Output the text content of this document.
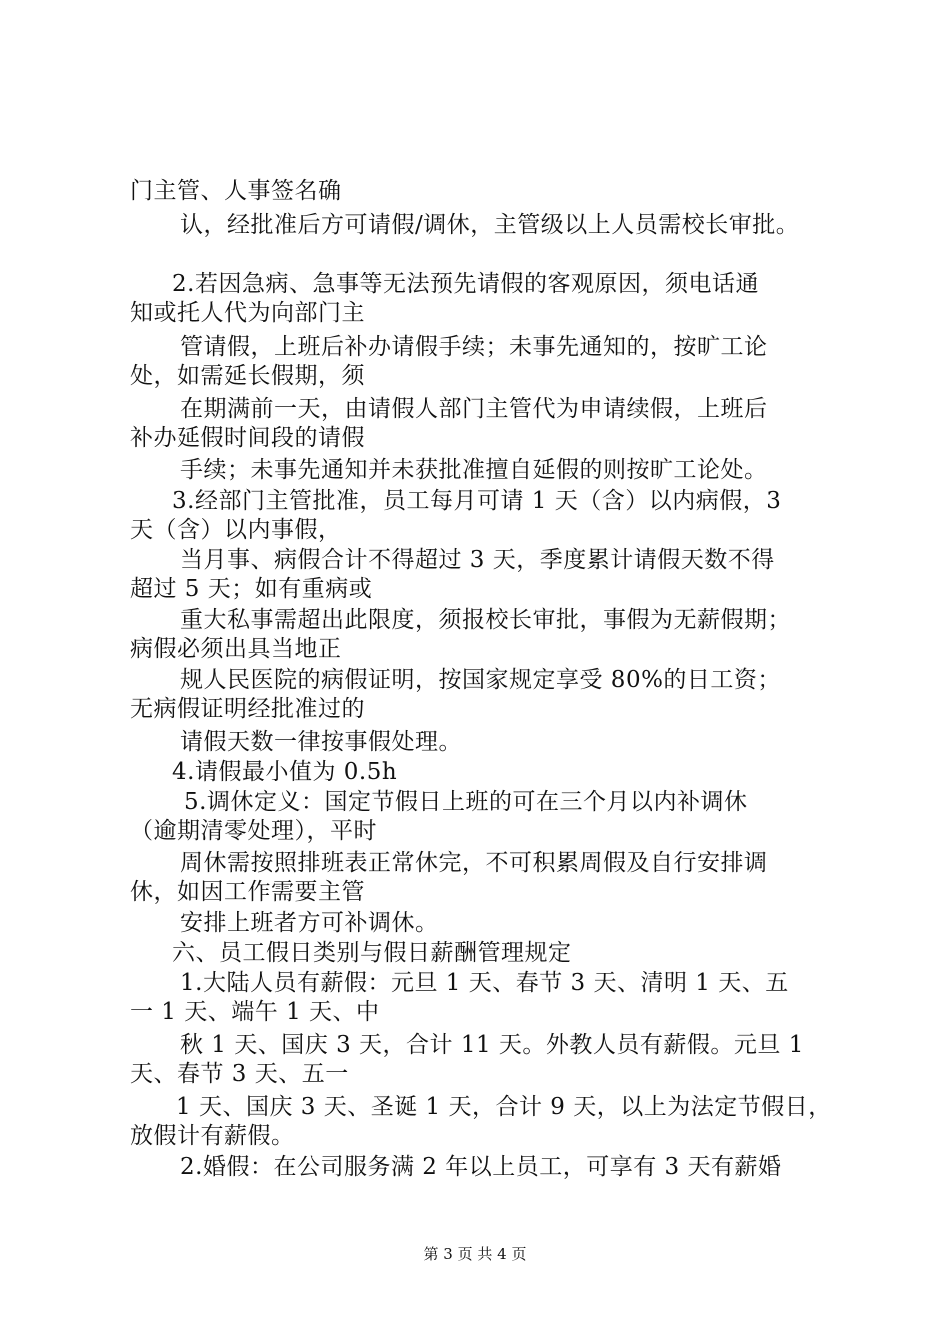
门主管、人事签名确
认，经批准后方可请假/调休，主管级以上人员需校长审批。
2.若因急病、急事等无法预先请假的客观原因，须电话通
知或托人代为向部门主
管请假，上班后补办请假手续；未事先通知的，按旷工论
处，如需延长假期，须
在期满前一天，由请假人部门主管代为申请续假，上班后
补办延假时间段的请假
手续；未事先通知并未获批准擅自延假的则按旷工论处。
3.经部门主管批准，员工每月可请 1 天（含）以内病假，3
天（含）以内事假，
当月事、病假合计不得超过 3 天，季度累计请假天数不得
超过 5 天；如有重病或
重大私事需超出此限度，须报校长审批，事假为无薪假期；
病假必须出具当地正
规人民医院的病假证明，按国家规定享受 80%的日工资；
无病假证明经批准过的
请假天数一律按事假处理。
4.请假最小值为 0.5h
5.调休定义：国定节假日上班的可在三个月以内补调休
（逾期清零处理），平时
周休需按照排班表正常休完，不可积累周假及自行安排调
休，如因工作需要主管
安排上班者方可补调休。
六、员工假日类别与假日薪酬管理规定
1.大陆人员有薪假：元旦 1 天、春节 3 天、清明 1 天、五
一 1 天、端午 1 天、中
秋 1 天、国庆 3 天，合计 11 天。外教人员有薪假。元旦 1
天、春节 3 天、五一
1 天、国庆 3 天、圣诞 1 天，合计 9 天，以上为法定节假日，
放假计有薪假。
2.婚假：在公司服务满 2 年以上员工，可享有 3 天有薪婚
第 3 页 共 4 页
